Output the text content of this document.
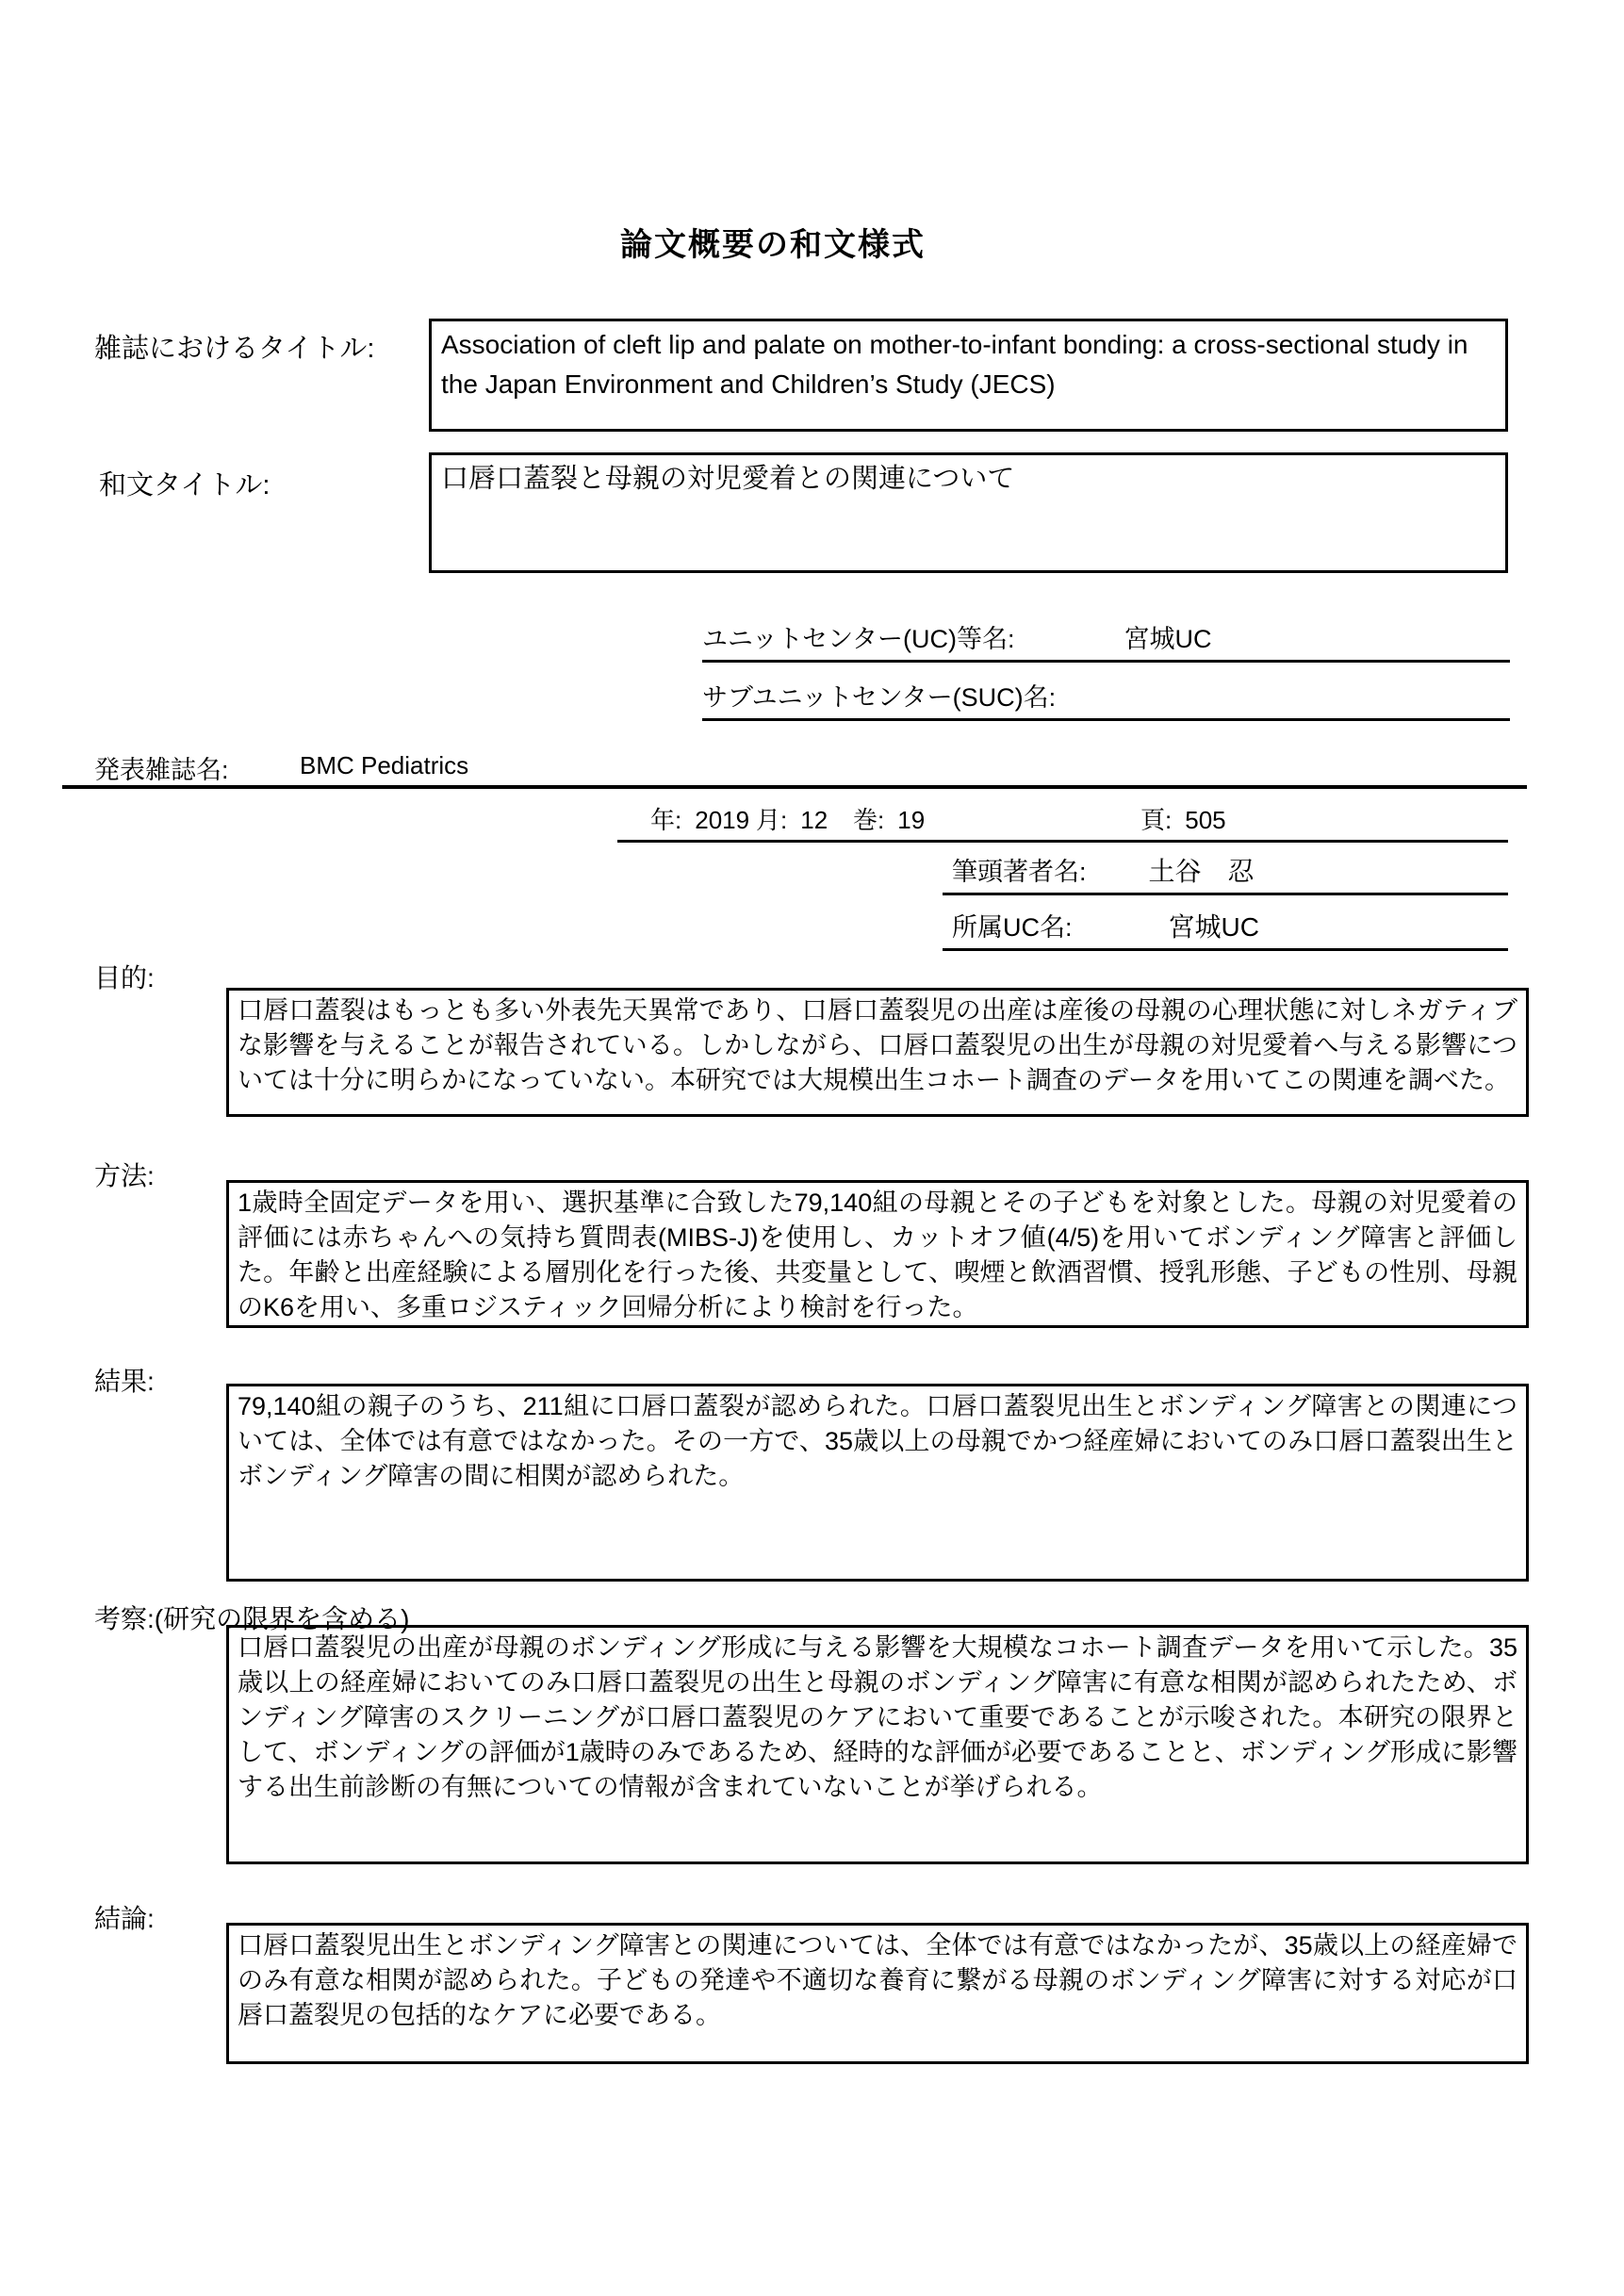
論文概要の和文様式
雑誌におけるタイトル:	Association of cleft lip and palate on mother-to-infant bonding: a cross-sectional study in the Japan Environment and Children’s Study (JECS)
和文タイトル:	口唇口蓋裂と母親の対児愛着との関連について
ユニットセンター(UC)等名:	宮城UC
サブユニットセンター(SUC)名:
発表雑誌名:	BMC Pediatrics
年: 2019 月: 12 巻: 19	頁: 505
筆頭著者名: 土谷　忍
所属UC名:	宮城UC
目的:
口唇口蓋裂はもっとも多い外表先天異常であり、口唇口蓋裂児の出産は産後の母親の心理状態に対しネガティブな影響を与えることが報告されている。しかしながら、口唇口蓋裂児の出生が母親の対児愛着へ与える影響については十分に明らかになっていない。本研究では大規模出生コホート調査のデータを用いてこの関連を調べた。
方法:
1歳時全固定データを用い、選択基準に合致した79,140組の母親とその子どもを対象とした。母親の対児愛着の評価には赤ちゃんへの気持ち質問表(MIBS-J)を使用し、カットオフ値(4/5)を用いてボンディング障害と評価した。年齢と出産経験による層別化を行った後、共変量として、喫煙と飲酒習慣、授乳形態、子どもの性別、母親のK6を用い、多重ロジスティック回帰分析により検討を行った。
結果:
79,140組の親子のうち、211組に口唇口蓋裂が認められた。口唇口蓋裂児出生とボンディング障害との関連については、全体では有意ではなかった。その一方で、35歳以上の母親でかつ経産婦においてのみ口唇口蓋裂出生とボンディング障害の間に相関が認められた。
考察:(研究の限界を含める)
口唇口蓋裂児の出産が母親のボンディング形成に与える影響を大規模なコホート調査データを用いて示した。35歳以上の経産婦においてのみ口唇口蓋裂児の出生と母親のボンディング障害に有意な相関が認められたため、ボンディング障害のスクリーニングが口唇口蓋裂児のケアにおいて重要であることが示唆された。本研究の限界として、ボンディングの評価が1歳時のみであるため、経時的な評価が必要であることと、ボンディング形成に影響する出生前診断の有無についての情報が含まれていないことが挙げられる。
結論:
口唇口蓋裂児出生とボンディング障害との関連については、全体では有意ではなかったが、35歳以上の経産婦でのみ有意な相関が認められた。子どもの発達や不適切な養育に繋がる母親のボンディング障害に対する対応が口唇口蓋裂児の包括的なケアに必要である。
